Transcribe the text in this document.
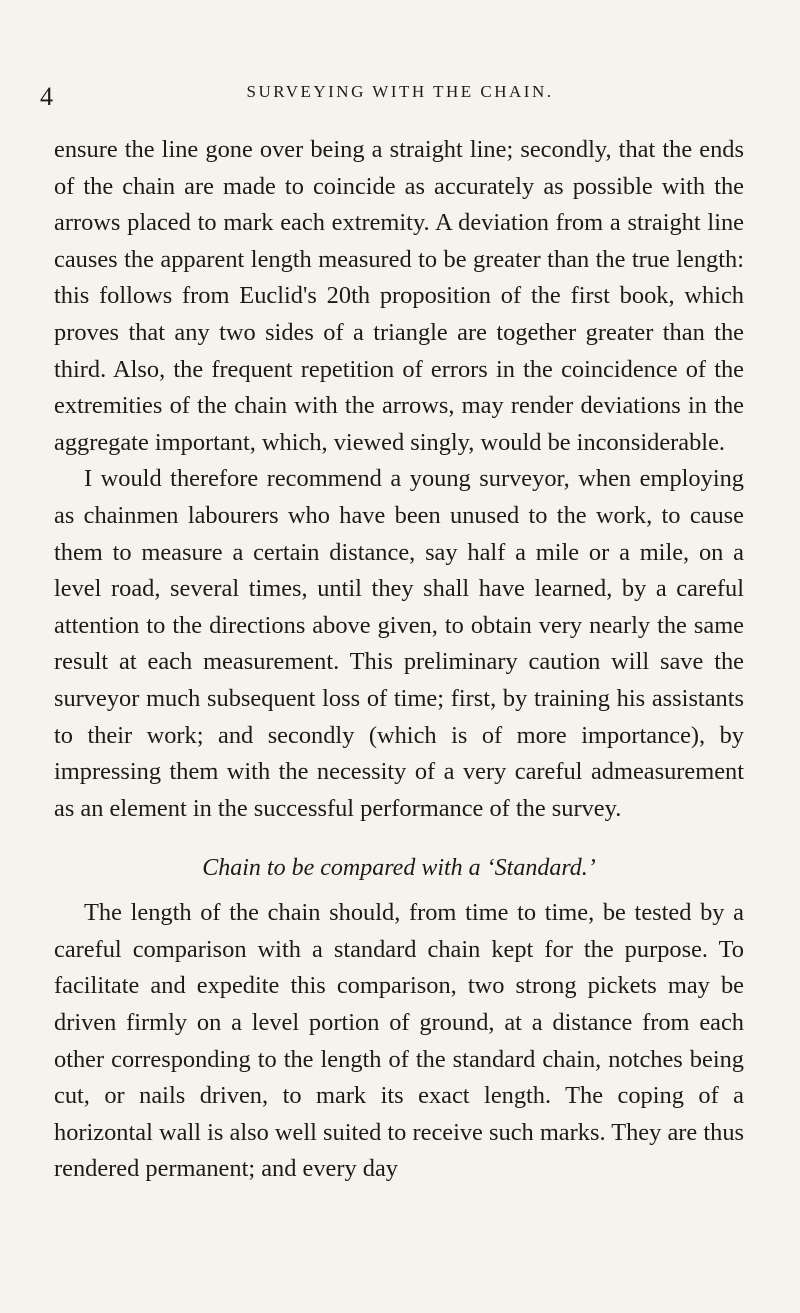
4	SURVEYING WITH THE CHAIN.

ensure the line gone over being a straight line; secondly, that the ends of the chain are made to coincide as accurately as possible with the arrows placed to mark each extremity. A deviation from a straight line causes the apparent length measured to be greater than the true length: this follows from Euclid's 20th proposition of the first book, which proves that any two sides of a triangle are together greater than the third. Also, the frequent repetition of errors in the coincidence of the extremities of the chain with the arrows, may render deviations in the aggregate important, which, viewed singly, would be inconsiderable.

I would therefore recommend a young surveyor, when employing as chainmen labourers who have been unused to the work, to cause them to measure a certain distance, say half a mile or a mile, on a level road, several times, until they shall have learned, by a careful attention to the directions above given, to obtain very nearly the same result at each measurement. This preliminary caution will save the surveyor much subsequent loss of time; first, by training his assistants to their work; and secondly (which is of more importance), by impressing them with the necessity of a very careful admeasurement as an element in the successful performance of the survey.

Chain to be compared with a ‘Standard.’

The length of the chain should, from time to time, be tested by a careful comparison with a standard chain kept for the purpose. To facilitate and expedite this comparison, two strong pickets may be driven firmly on a level portion of ground, at a distance from each other corresponding to the length of the standard chain, notches being cut, or nails driven, to mark its exact length. The coping of a horizontal wall is also well suited to receive such marks. They are thus rendered permanent; and every day
